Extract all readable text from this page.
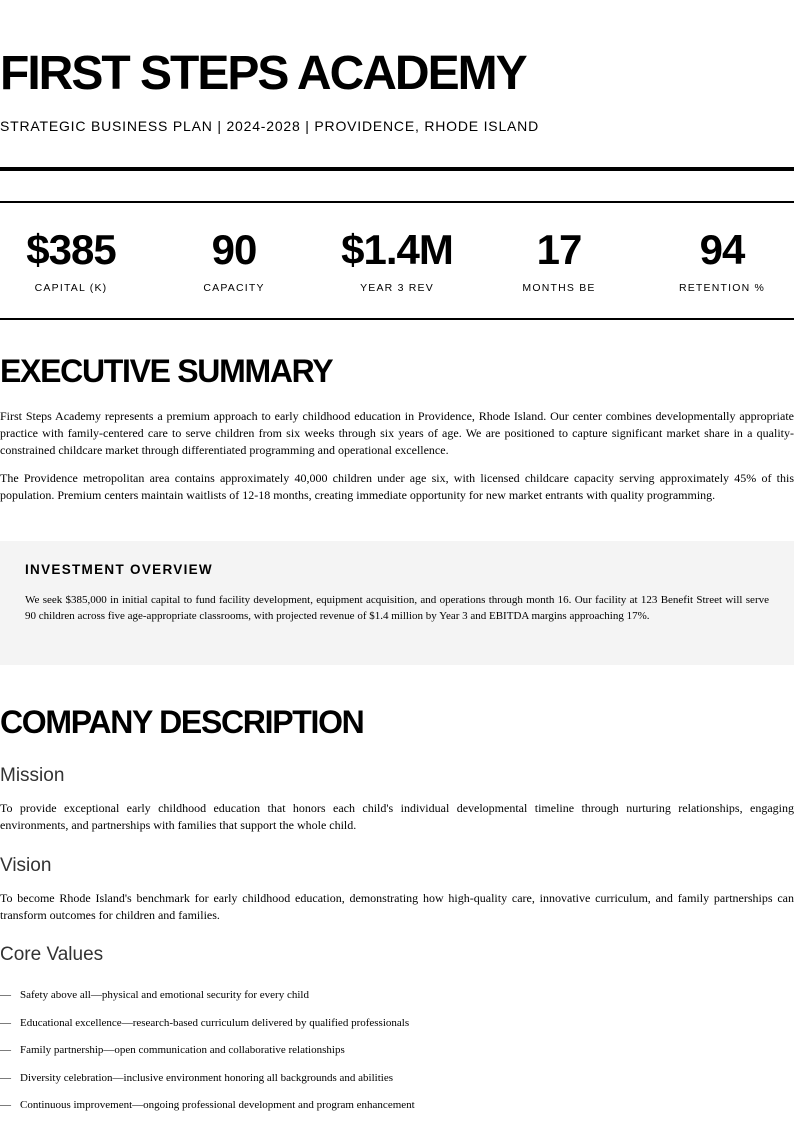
FIRST STEPS ACADEMY
STRATEGIC BUSINESS PLAN | 2024-2028 | PROVIDENCE, RHODE ISLAND
$385
CAPITAL (K)
90
CAPACITY
$1.4M
YEAR 3 REV
17
MONTHS BE
94
RETENTION %
EXECUTIVE SUMMARY

First Steps Academy represents a premium approach to early childhood education in Providence, Rhode Island. Our center combines developmentally appropriate practice with family-centered care to serve children from six weeks through six years of age. We are positioned to capture significant market share in a quality-constrained childcare market through differentiated programming and operational excellence.

The Providence metropolitan area contains approximately 40,000 children under age six, with licensed childcare capacity serving approximately 45% of this population. Premium centers maintain waitlists of 12-18 months, creating immediate opportunity for new market entrants with quality programming.

INVESTMENT OVERVIEW

We seek $385,000 in initial capital to fund facility development, equipment acquisition, and operations through month 16. Our facility at 123 Benefit Street will serve 90 children across five age-appropriate classrooms, with projected revenue of $1.4 million by Year 3 and EBITDA margins approaching 17%.

COMPANY DESCRIPTION
Mission

To provide exceptional early childhood education that honors each child's individual developmental timeline through nurturing relationships, engaging environments, and partnerships with families that support the whole child.

Vision

To become Rhode Island's benchmark for early childhood education, demonstrating how high-quality care, innovative curriculum, and family partnerships can transform outcomes for children and families.

Core Values
— Safety above all—physical and emotional security for every child
— Educational excellence—research-based curriculum delivered by qualified professionals
— Family partnership—open communication and collaborative relationships
— Diversity celebration—inclusive environment honoring all backgrounds and abilities
— Continuous improvement—ongoing professional development and program enhancement
